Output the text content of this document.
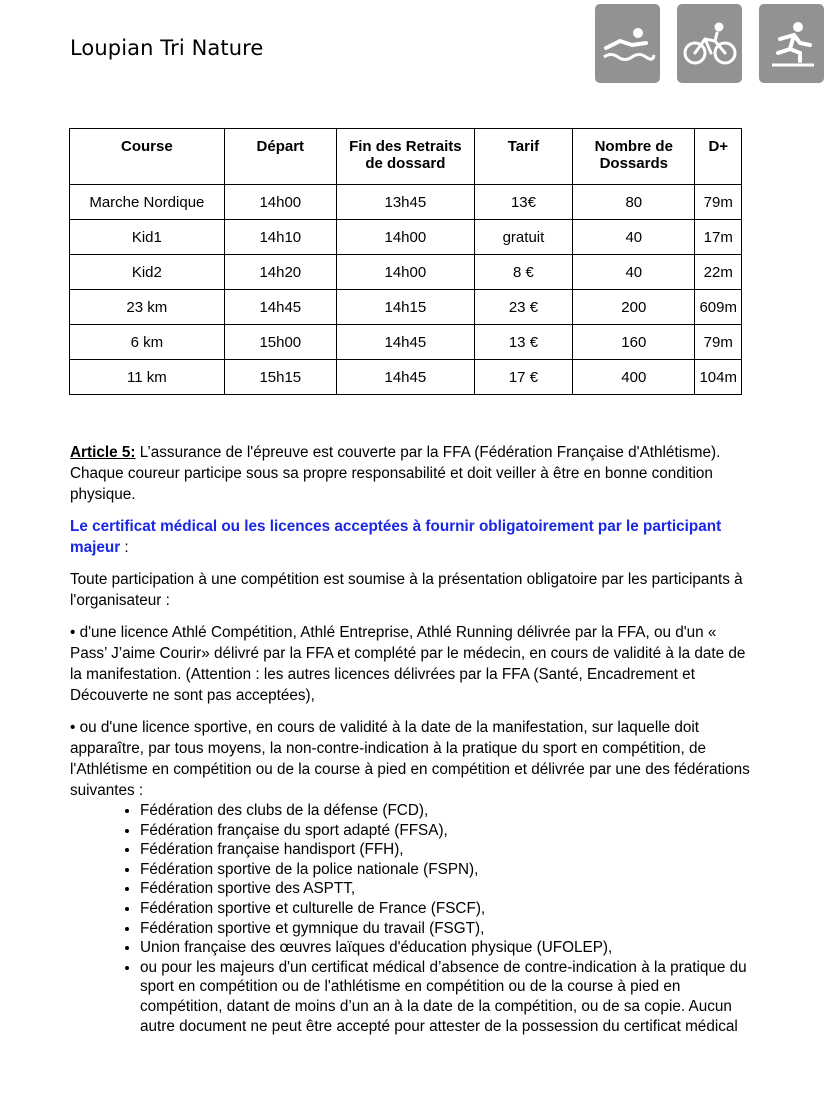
Loupian Tri Nature
Course	Départ	Fin des Retraits de dossard	Tarif	Nombre de Dossards	D+
Marche Nordique	14h00	13h45	13€	80	79m
Kid1	14h10	14h00	gratuit	40	17m
Kid2	14h20	14h00	8 €	40	22m
23 km	14h45	14h15	23 €	200	609m
6 km	15h00	14h45	13 €	160	79m
11 km	15h15	14h45	17 €	400	104m

Article 5: L’assurance de l'épreuve est couverte par la FFA (Fédération Française d'Athlétisme). Chaque coureur participe sous sa propre responsabilité et doit veiller à être en bonne condition physique.

Le certificat médical ou les licences acceptées à fournir obligatoirement par le participant majeur :

Toute participation à une compétition est soumise à la présentation obligatoire par les participants à l'organisateur :

• d'une licence Athlé Compétition, Athlé Entreprise, Athlé Running délivrée par la FFA, ou d'un « Pass’ J’aime Courir» délivré par la FFA et complété par le médecin, en cours de validité à la date de la manifestation. (Attention : les autres licences délivrées par la FFA (Santé, Encadrement et Découverte ne sont pas acceptées),

• ou d'une licence sportive, en cours de validité à la date de la manifestation, sur laquelle doit apparaître, par tous moyens, la non-contre-indication à la pratique du sport en compétition, de l'Athlétisme en compétition ou de la course à pied en compétition et délivrée par une des fédérations suivantes :

• Fédération des clubs de la défense (FCD),
• Fédération française du sport adapté (FFSA),
• Fédération française handisport (FFH),
• Fédération sportive de la police nationale (FSPN),
• Fédération sportive des ASPTT,
• Fédération sportive et culturelle de France (FSCF),
• Fédération sportive et gymnique du travail (FSGT),
• Union française des œuvres laïques d'éducation physique (UFOLEP),
• ou pour les majeurs d'un certificat médical d’absence de contre-indication à la pratique du sport en compétition ou de l'athlétisme en compétition ou de la course à pied en compétition, datant de moins d’un an à la date de la compétition, ou de sa copie. Aucun autre document ne peut être accepté pour attester de la possession du certificat médical
